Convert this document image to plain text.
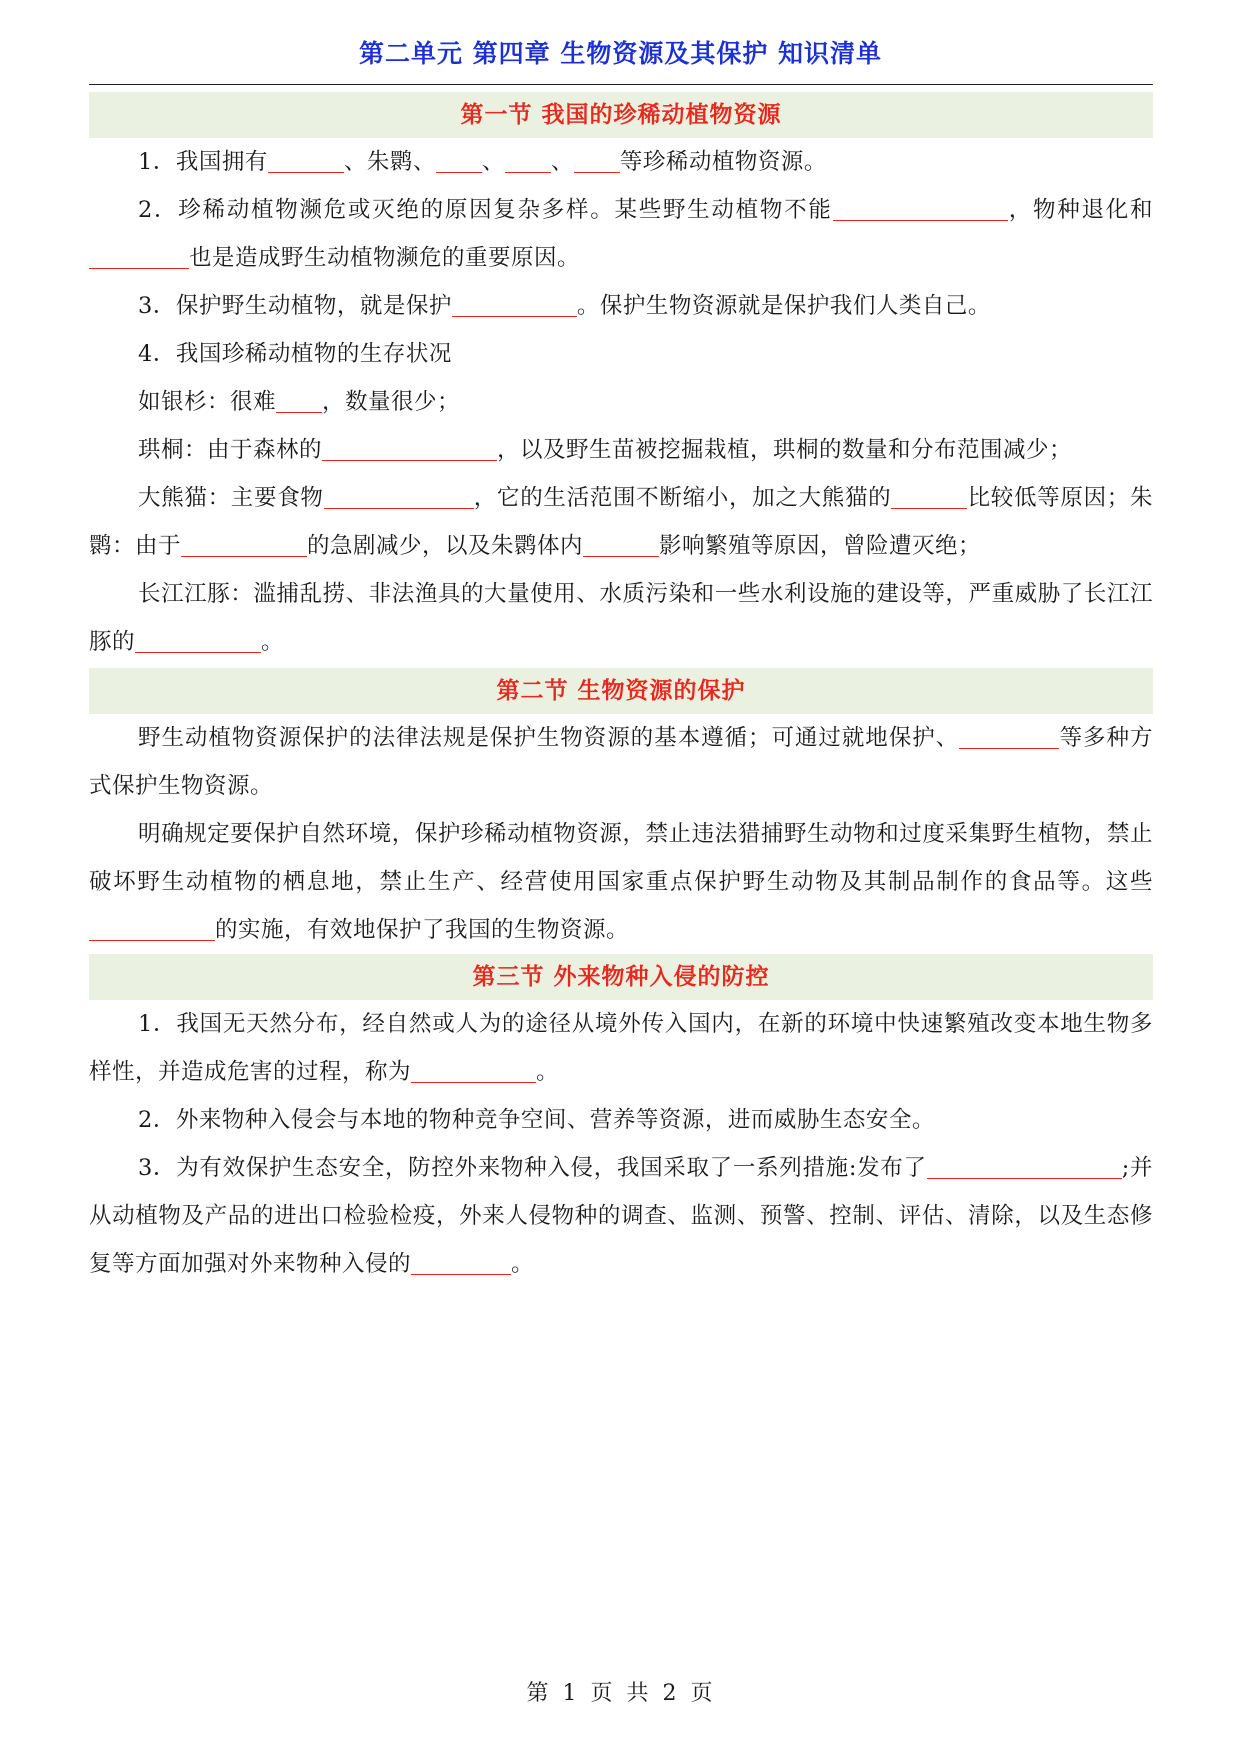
第二单元 第四章 生物资源及其保护 知识清单
第一节 我国的珍稀动植物资源

1．我国拥有	、朱鹮、 、 、 等珍稀动植物资源。

2．珍稀动植物濒危或灭绝的原因复杂多样。某些野生动植物不能	，物种退化和也是造成野生动植物濒危的重要原因。

3．保护野生动植物，就是保护	。保护生物资源就是保护我们人类自己。

4．我国珍稀动植物的生存状况

如银杉：很难 ，数量很少；

珙桐：由于森林的	，以及野生苗被挖掘栽植，珙桐的数量和分布范围减少；

大熊猫：主要食物	，它的生活范围不断缩小，加之大熊猫的	比较低等原因；朱鹮：由于	的急剧减少，以及朱鹮体内	影响繁殖等原因，曾险遭灭绝；

长江江豚：滥捕乱捞、非法渔具的大量使用、水质污染和一些水利设施的建设等，严重威胁了长江江豚的	。

第二节 生物资源的保护

野生动植物资源保护的法律法规是保护生物资源的基本遵循；可通过就地保护、	等多种方式保护生物资源。

明确规定要保护自然环境，保护珍稀动植物资源，禁止违法猎捕野生动物和过度采集野生植物，禁止破坏野生动植物的栖息地，禁止生产、经营使用国家重点保护野生动物及其制品制作的食品等。这些的实施，有效地保护了我国的生物资源。

第三节 外来物种入侵的防控

1．我国无天然分布，经自然或人为的途径从境外传入国内，在新的环境中快速繁殖改变本地生物多样性，并造成危害的过程，称为	。

2．外来物种入侵会与本地的物种竞争空间、营养等资源，进而威胁生态安全。

3．为有效保护生态安全，防控外来物种入侵，我国采取了一系列措施:发布了	;并从动植物及产品的进出口检验检疫，外来人侵物种的调查、监测、预警、控制、评估、清除，以及生态修复等方面加强对外来物种入侵的	。

第 1 页 共 2 页
